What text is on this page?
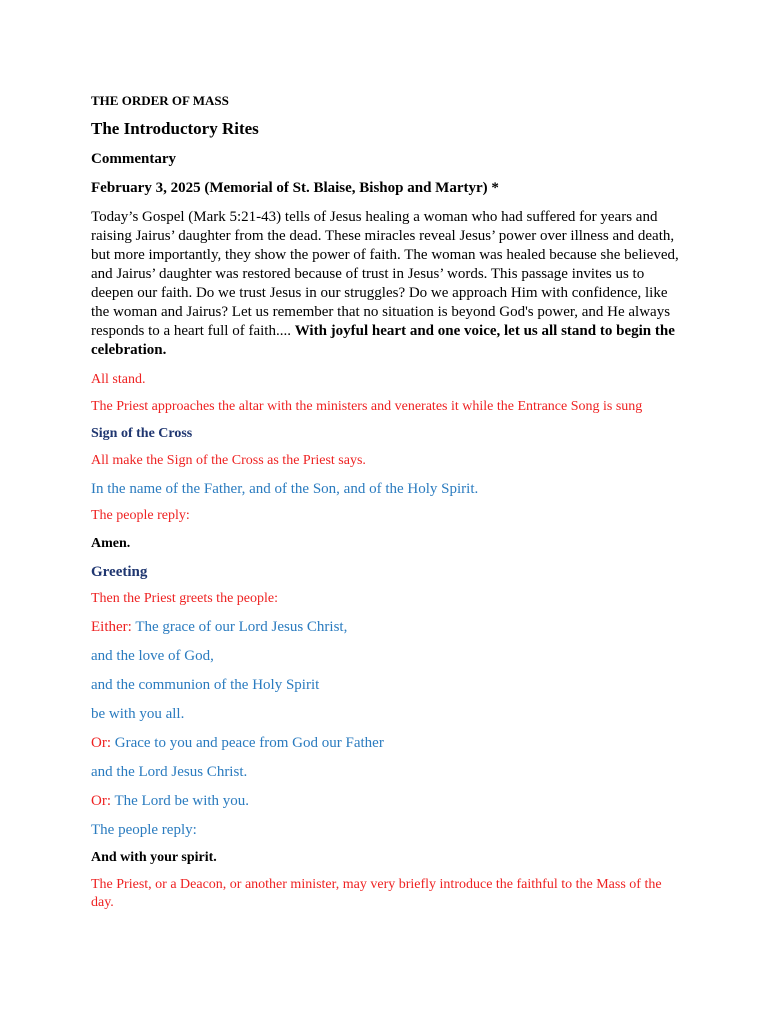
THE ORDER OF MASS

The Introductory Rites

Commentary

February 3, 2025 (Memorial of St. Blaise, Bishop and Martyr) *

Today’s Gospel (Mark 5:21-43) tells of Jesus healing a woman who had suffered for years and raising Jairus’ daughter from the dead. These miracles reveal Jesus’ power over illness and death, but more importantly, they show the power of faith. The woman was healed because she believed, and Jairus’ daughter was restored because of trust in Jesus’ words. This passage invites us to deepen our faith. Do we trust Jesus in our struggles? Do we approach Him with confidence, like the woman and Jairus? Let us remember that no situation is beyond God's power, and He always responds to a heart full of faith.... With joyful heart and one voice, let us all stand to begin the celebration.

All stand.

The Priest approaches the altar with the ministers and venerates it while the Entrance Song is sung

Sign of the Cross

All make the Sign of the Cross as the Priest says.

In the name of the Father, and of the Son, and of the Holy Spirit.

The people reply:

Amen.

Greeting

Then the Priest greets the people:

Either: The grace of our Lord Jesus Christ,

and the love of God,

and the communion of the Holy Spirit

be with you all.

Or: Grace to you and peace from God our Father

and the Lord Jesus Christ.

Or: The Lord be with you.

The people reply:

And with your spirit.

The Priest, or a Deacon, or another minister, may very briefly introduce the faithful to the Mass of the day.
